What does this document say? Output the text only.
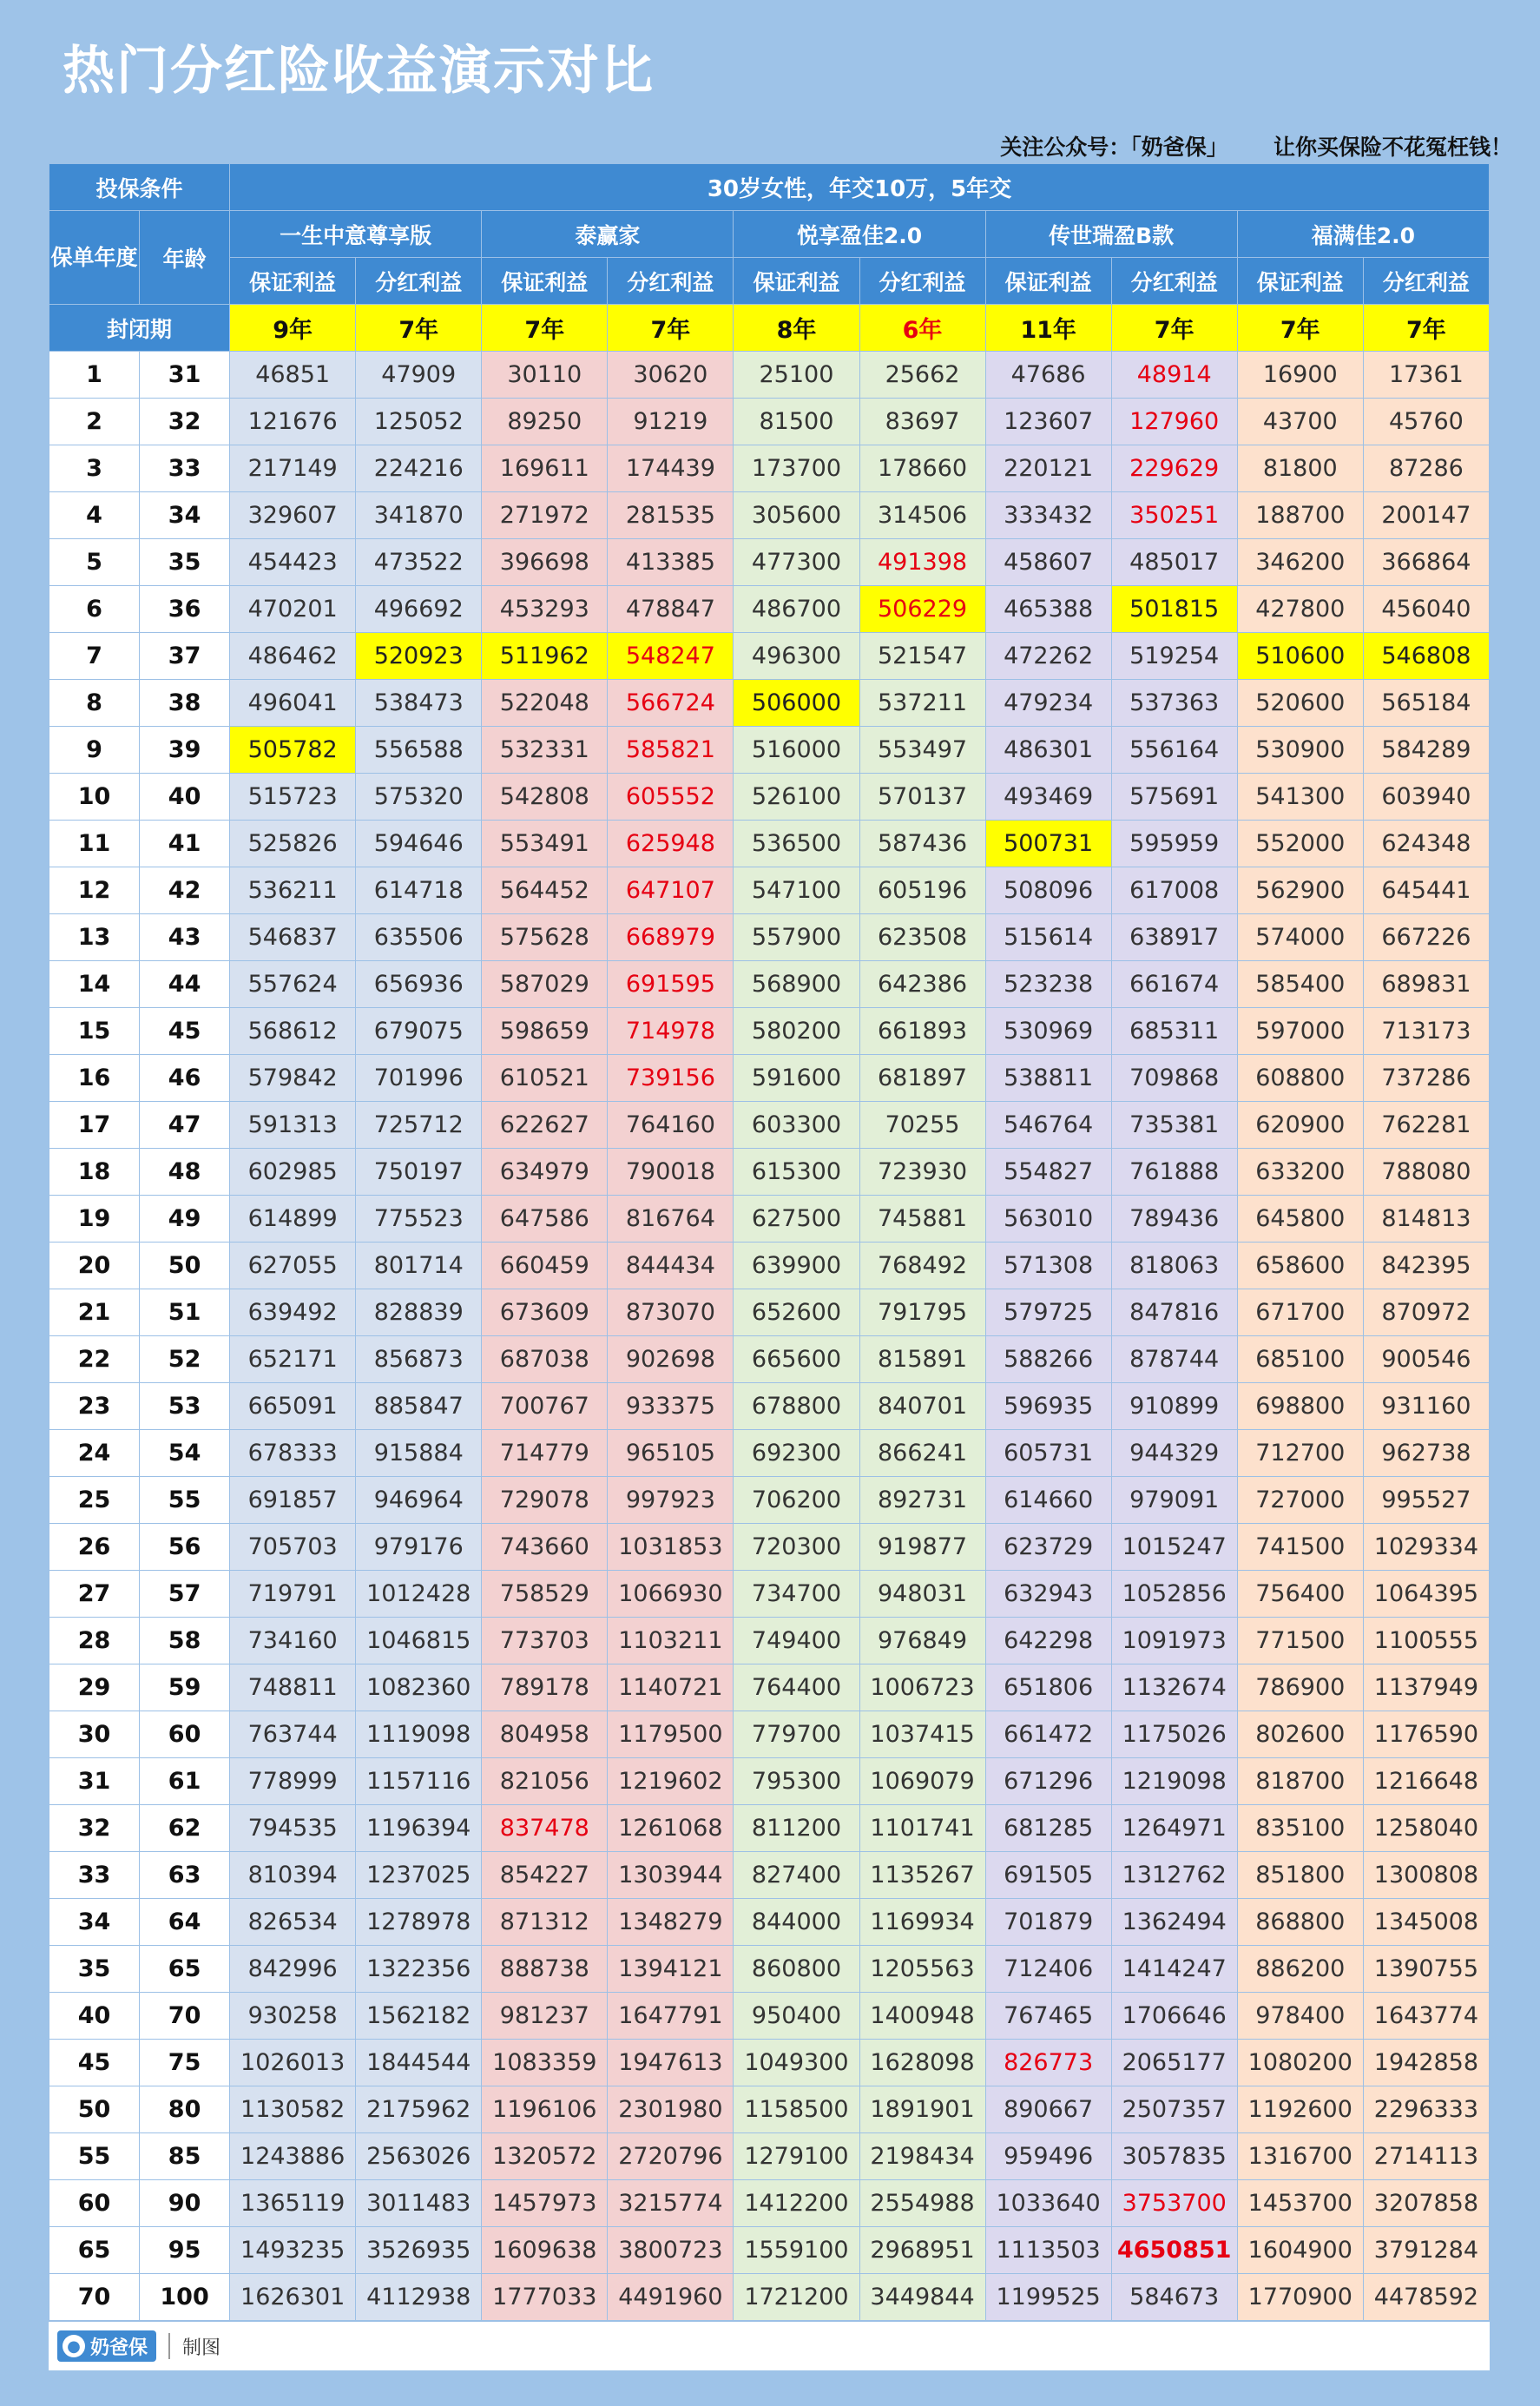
热门分红险收益演示对比
关注公众号：「奶爸保」      让你买保险不花冤枉钱！
投保条件		30岁女性，年交10万，5年交									
保单年度	年龄	一生中意尊享版		泰赢家		悦享盈佳2.0		传世瑞盈B款		福满佳2.0	
		保证利益	分红利益	保证利益	分红利益	保证利益	分红利益	保证利益	分红利益	保证利益	分红利益
封闭期		9年	7年	7年	7年	8年	6年	11年	7年	7年	7年
1	31	46851	47909	30110	30620	25100	25662	47686	48914	16900	17361
2	32	121676	125052	89250	91219	81500	83697	123607	127960	43700	45760
3	33	217149	224216	169611	174439	173700	178660	220121	229629	81800	87286
4	34	329607	341870	271972	281535	305600	314506	333432	350251	188700	200147
5	35	454423	473522	396698	413385	477300	491398	458607	485017	346200	366864
6	36	470201	496692	453293	478847	486700	506229	465388	501815	427800	456040
7	37	486462	520923	511962	548247	496300	521547	472262	519254	510600	546808
8	38	496041	538473	522048	566724	506000	537211	479234	537363	520600	565184
9	39	505782	556588	532331	585821	516000	553497	486301	556164	530900	584289
10	40	515723	575320	542808	605552	526100	570137	493469	575691	541300	603940
11	41	525826	594646	553491	625948	536500	587436	500731	595959	552000	624348
12	42	536211	614718	564452	647107	547100	605196	508096	617008	562900	645441
13	43	546837	635506	575628	668979	557900	623508	515614	638917	574000	667226
14	44	557624	656936	587029	691595	568900	642386	523238	661674	585400	689831
15	45	568612	679075	598659	714978	580200	661893	530969	685311	597000	713173
16	46	579842	701996	610521	739156	591600	681897	538811	709868	608800	737286
17	47	591313	725712	622627	764160	603300	70255	546764	735381	620900	762281
18	48	602985	750197	634979	790018	615300	723930	554827	761888	633200	788080
19	49	614899	775523	647586	816764	627500	745881	563010	789436	645800	814813
20	50	627055	801714	660459	844434	639900	768492	571308	818063	658600	842395
21	51	639492	828839	673609	873070	652600	791795	579725	847816	671700	870972
22	52	652171	856873	687038	902698	665600	815891	588266	878744	685100	900546
23	53	665091	885847	700767	933375	678800	840701	596935	910899	698800	931160
24	54	678333	915884	714779	965105	692300	866241	605731	944329	712700	962738
25	55	691857	946964	729078	997923	706200	892731	614660	979091	727000	995527
26	56	705703	979176	743660	1031853	720300	919877	623729	1015247	741500	1029334
27	57	719791	1012428	758529	1066930	734700	948031	632943	1052856	756400	1064395
28	58	734160	1046815	773703	1103211	749400	976849	642298	1091973	771500	1100555
29	59	748811	1082360	789178	1140721	764400	1006723	651806	1132674	786900	1137949
30	60	763744	1119098	804958	1179500	779700	1037415	661472	1175026	802600	1176590
31	61	778999	1157116	821056	1219602	795300	1069079	671296	1219098	818700	1216648
32	62	794535	1196394	837478	1261068	811200	1101741	681285	1264971	835100	1258040
33	63	810394	1237025	854227	1303944	827400	1135267	691505	1312762	851800	1300808
34	64	826534	1278978	871312	1348279	844000	1169934	701879	1362494	868800	1345008
35	65	842996	1322356	888738	1394121	860800	1205563	712406	1414247	886200	1390755
40	70	930258	1562182	981237	1647791	950400	1400948	767465	1706646	978400	1643774
45	75	1026013	1844544	1083359	1947613	1049300	1628098	826773	2065177	1080200	1942858
50	80	1130582	2175962	1196106	2301980	1158500	1891901	890667	2507357	1192600	2296333
55	85	1243886	2563026	1320572	2720796	1279100	2198434	959496	3057835	1316700	2714113
60	90	1365119	3011483	1457973	3215774	1412200	2554988	1033640	3753700	1453700	3207858
65	95	1493235	3526935	1609638	3800723	1559100	2968951	1113503	4650851	1604900	3791284
70	100	1626301	4112938	1777033	4491960	1721200	3449844	1199525	584673	1770900	4478592
● 奶爸保 制图
